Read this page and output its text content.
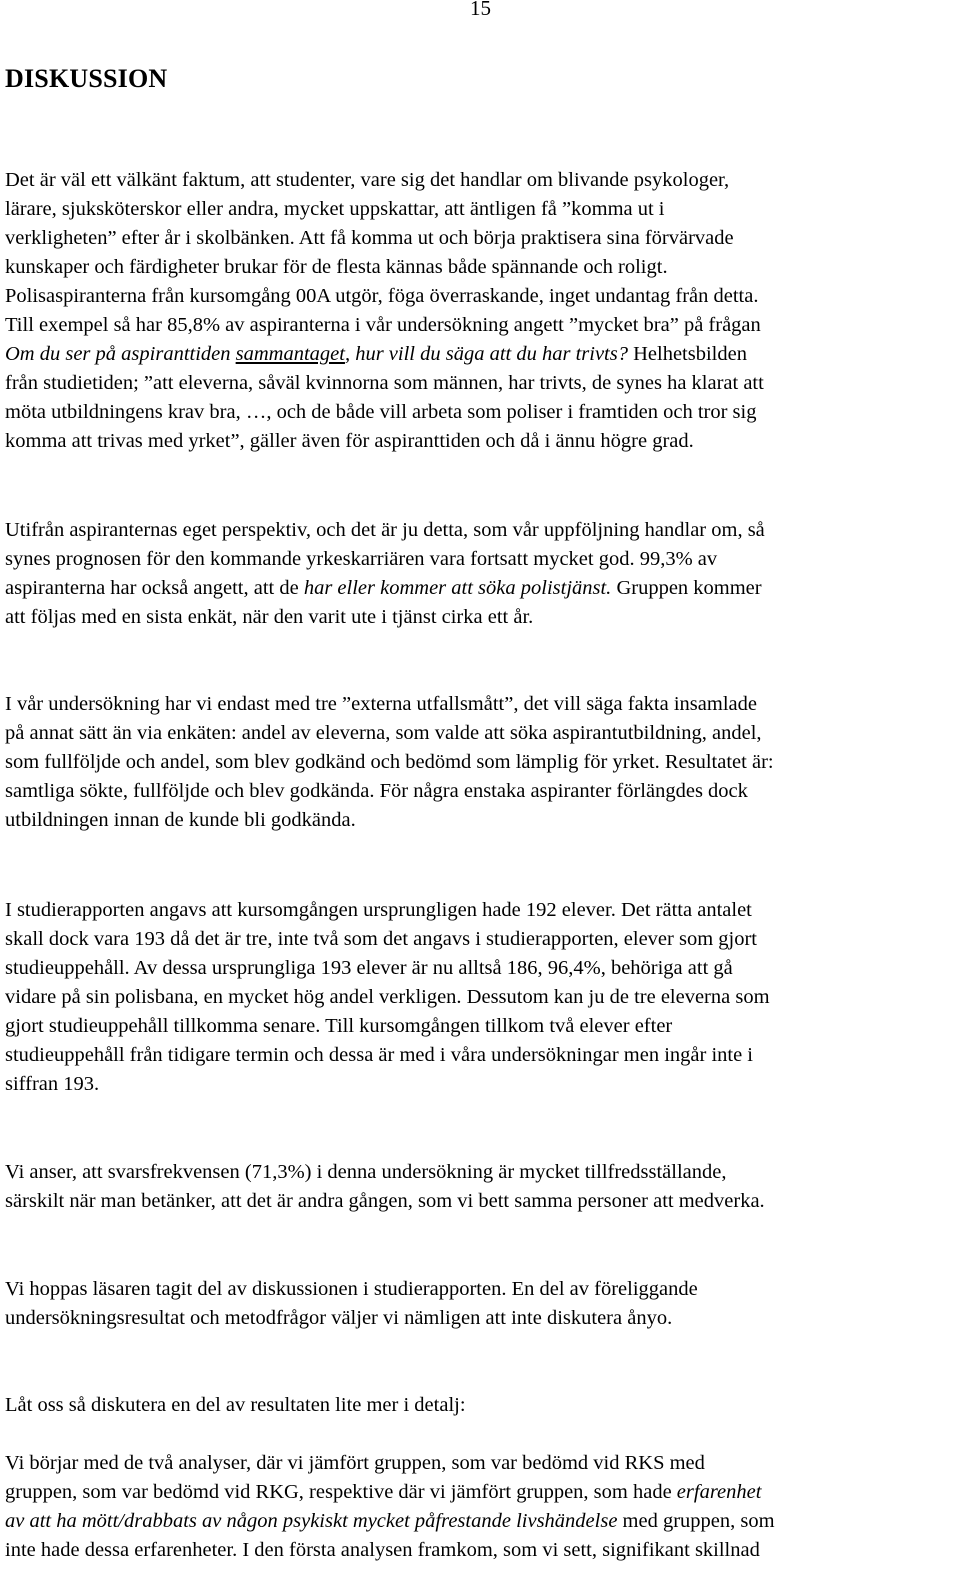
15
DISKUSSION

Det är väl ett välkänt faktum, att studenter, vare sig det handlar om blivande psykologer,
lärare, sjuksköterskor eller andra, mycket uppskattar, att äntligen få ”komma ut i
verkligheten” efter år i skolbänken. Att få komma ut och börja praktisera sina förvärvade
kunskaper och färdigheter brukar för de flesta kännas både spännande och roligt.
Polisaspiranterna från kursomgång 00A utgör, föga överraskande, inget undantag från detta.
Till exempel så har 85,8% av aspiranterna i vår undersökning angett ”mycket bra” på frågan
Om du ser på aspiranttiden sammantaget, hur vill du säga att du har trivts? Helhetsbilden
från studietiden; ”att eleverna, såväl kvinnorna som männen, har trivts, de synes ha klarat att
möta utbildningens krav bra, …, och de både vill arbeta som poliser i framtiden och tror sig
komma att trivas med yrket”, gäller även för aspiranttiden och då i ännu högre grad.

Utifrån aspiranternas eget perspektiv, och det är ju detta, som vår uppföljning handlar om, så
synes prognosen för den kommande yrkeskarriären vara fortsatt mycket god. 99,3% av
aspiranterna har också angett, att de har eller kommer att söka polistjänst. Gruppen kommer
att följas med en sista enkät, när den varit ute i tjänst cirka ett år.

I vår undersökning har vi endast med tre ”externa utfallsmått”, det vill säga fakta insamlade
på annat sätt än via enkäten: andel av eleverna, som valde att söka aspirantutbildning, andel,
som fullföljde och andel, som blev godkänd och bedömd som lämplig för yrket. Resultatet är:
samtliga sökte, fullföljde och blev godkända. För några enstaka aspiranter förlängdes dock
utbildningen innan de kunde bli godkända.

I studierapporten angavs att kursomgången ursprungligen hade 192 elever. Det rätta antalet
skall dock vara 193 då det är tre, inte två som det angavs i studierapporten, elever som gjort
studieuppehåll. Av dessa ursprungliga 193 elever är nu alltså 186, 96,4%, behöriga att gå
vidare på sin polisbana, en mycket hög andel verkligen. Dessutom kan ju de tre eleverna som
gjort studieuppehåll tillkomma senare. Till kursomgången tillkom två elever efter
studieuppehåll från tidigare termin och dessa är med i våra undersökningar men ingår inte i
siffran 193.

Vi anser, att svarsfrekvensen (71,3%) i denna undersökning är mycket tillfredsställande,
särskilt när man betänker, att det är andra gången, som vi bett samma personer att medverka.

Vi hoppas läsaren tagit del av diskussionen i studierapporten. En del av föreliggande
undersökningsresultat och metodfrågor väljer vi nämligen att inte diskutera ånyo.

Låt oss så diskutera en del av resultaten lite mer i detalj:

Vi börjar med de två analyser, där vi jämfört gruppen, som var bedömd vid RKS med
gruppen, som var bedömd vid RKG, respektive där vi jämfört gruppen, som hade erfarenhet
av att ha mött/drabbats av någon psykiskt mycket påfrestande livshändelse med gruppen, som
inte hade dessa erfarenheter. I den första analysen framkom, som vi sett, signifikant skillnad
